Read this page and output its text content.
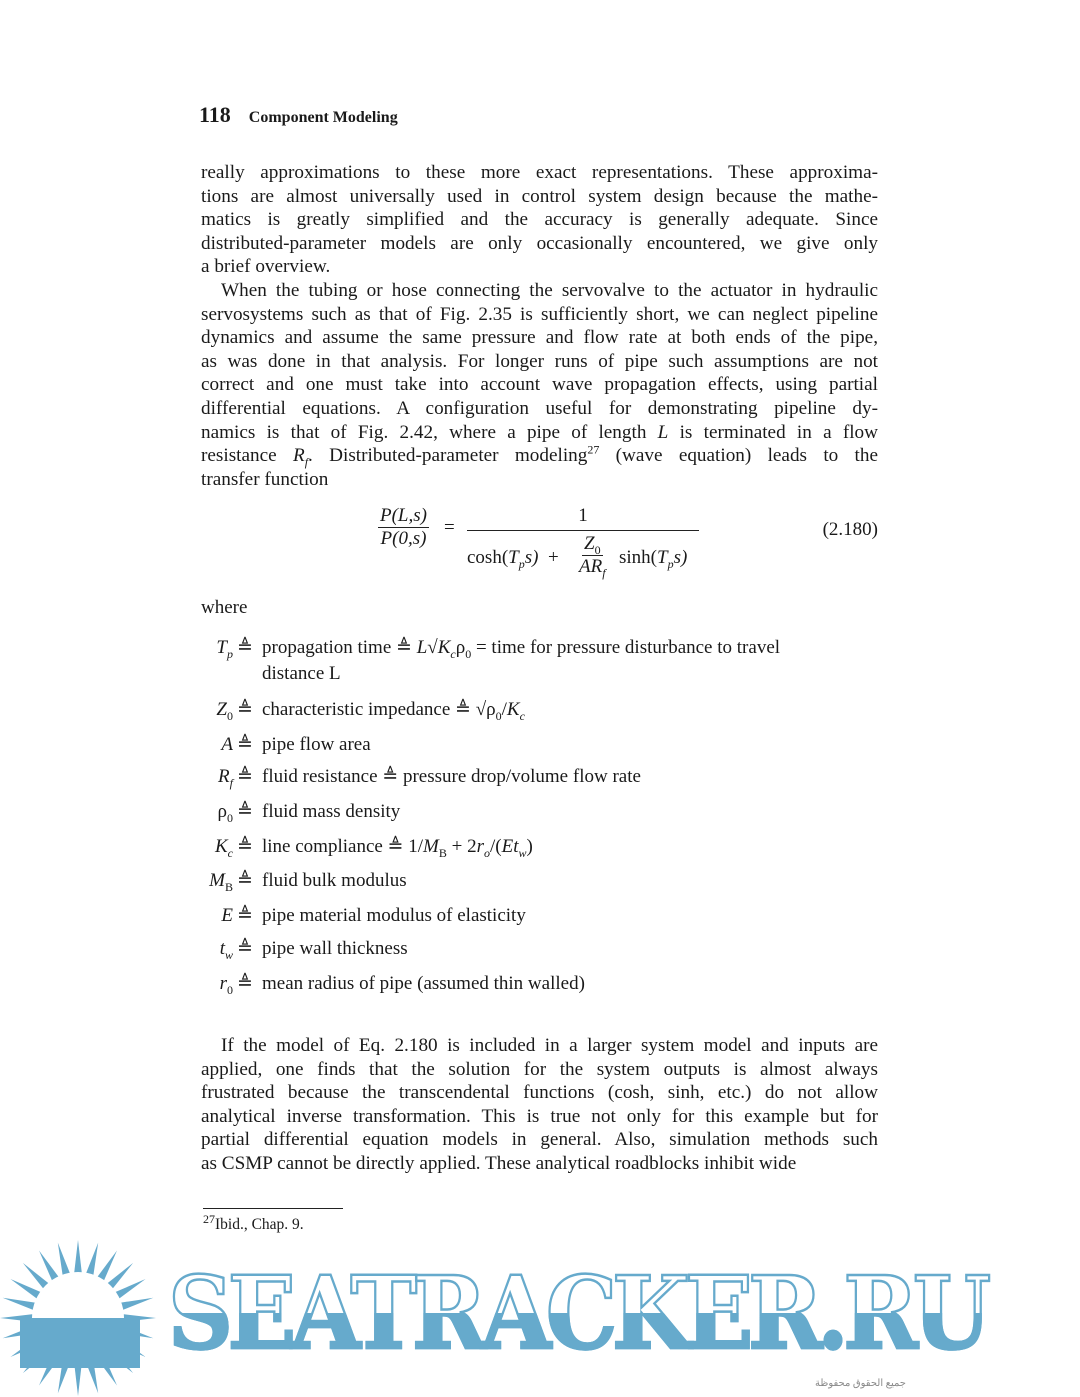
118 Component Modeling
really approximations to these more exact representations. These approxima-
tions are almost universally used in control system design because the mathe-
matics is greatly simplified and the accuracy is generally adequate. Since
distributed-parameter models are only occasionally encountered, we give only
a brief overview.
When the tubing or hose connecting the servovalve to the actuator in hydraulic
servosystems such as that of Fig. 2.35 is sufficiently short, we can neglect pipeline
dynamics and assume the same pressure and flow rate at both ends of the pipe,
as was done in that analysis. For longer runs of pipe such assumptions are not
correct and one must take into account wave propagation effects, using partial
differential equations. A configuration useful for demonstrating pipeline dy-
namics is that of Fig. 2.42, where a pipe of length L is terminated in a flow
resistance $R_f$. Distributed-parameter modeling$^{27}$ (wave equation) leads to the
transfer function
$\frac{P(L,s)}{P(0,s)}$ =
1
$\cosh(T_ps)$ +
$Z_0$
$AR_f$
$\sinh(T_ps)$
(2.180)
where
$T_p$ ≜ propagation time ≜ $L√K_c\rho_0$ = time for pressure disturbance to travel
distance L
$Z_0$ ≜ characteristic impedance ≜ $√\rho_0/K_c$
A ≜ pipe flow area
$R_f$ ≜ fluid resistance ≜ pressure drop/volume flow rate
$\rho_0$ ≜ fluid mass density
$K_c$ ≜ line compliance ≜ $1/M_B + 2r_o/(Et_w)$
$M_B$ ≜ fluid bulk modulus
E ≜ pipe material modulus of elasticity
$t_w$ ≜ pipe wall thickness
$r_0$ ≜ mean radius of pipe (assumed thin walled)
If the model of Eq. 2.180 is included in a larger system model and inputs are
applied, one finds that the solution for the system outputs is almost always
frustrated because the transcendental functions (cosh, sinh, etc.) do not allow
analytical inverse transformation. This is true not only for this example but for
partial differential equation models in general. Also, simulation methods such
as CSMP cannot be directly applied. These analytical roadblocks inhibit wide
$^{27}$Ibid., Chap. 9.
SEATRACKER.RU
جميع الحقوق محفوظة
